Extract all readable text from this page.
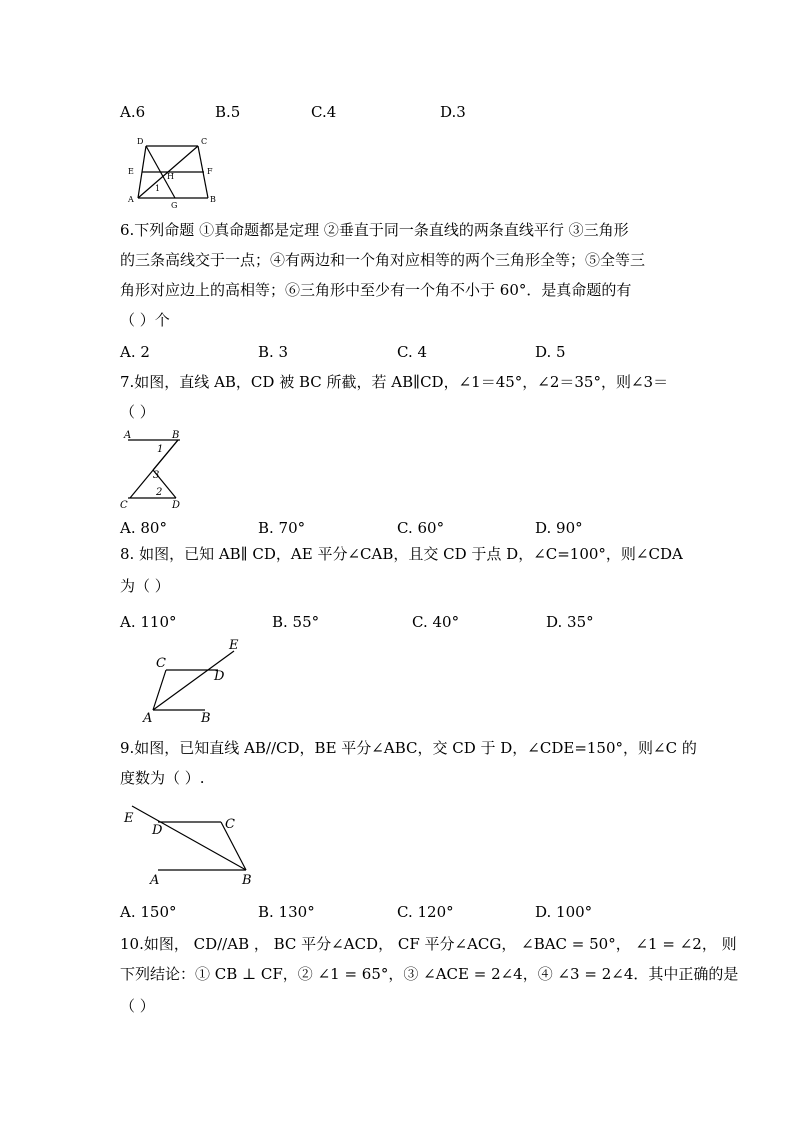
A.6	B.5	C.4	D.3
D	C
E	F
H
1
A	B
G
6.下列命题 ①真命题都是定理 ②垂直于同一条直线的两条直线平行 ③三角形
的三条高线交于一点；④有两边和一个角对应相等的两个三角形全等；⑤全等三
角形对应边上的高相等；⑥三角形中至少有一个角不小于 60°．是真命题的有
（ ）个
A. 2	B. 3	C. 4	D. 5
7.如图，直线 AB，CD 被 BC 所截，若 AB∥CD，∠1＝45°，∠2＝35°，则∠3＝
（ ）
A	B
1
3
2
C	D
A. 80°	B. 70°	C. 60°	D. 90°
8. 如图，已知 AB∥ CD，AE 平分∠CAB，且交 CD 于点 D，∠C=100°，则∠CDA
为（ ）
A. 110°	B. 55°	C. 40°	D. 35°
E
C
D
A	B
9.如图，已知直线 AB//CD，BE 平分∠ABC，交 CD 于 D，∠CDE=150°，则∠C 的
度数为（ ）.
E
D	C
A	B
A. 150°	B. 130°	C. 120°	D. 100°
10.如图， CD//AB ， BC 平分∠ACD， CF 平分∠ACG， ∠BAC = 50°， ∠1 = ∠2， 则
下列结论：① CB ⊥ CF，② ∠1 = 65°，③ ∠ACE = 2∠4，④ ∠3 = 2∠4．其中正确的是
（ ）
